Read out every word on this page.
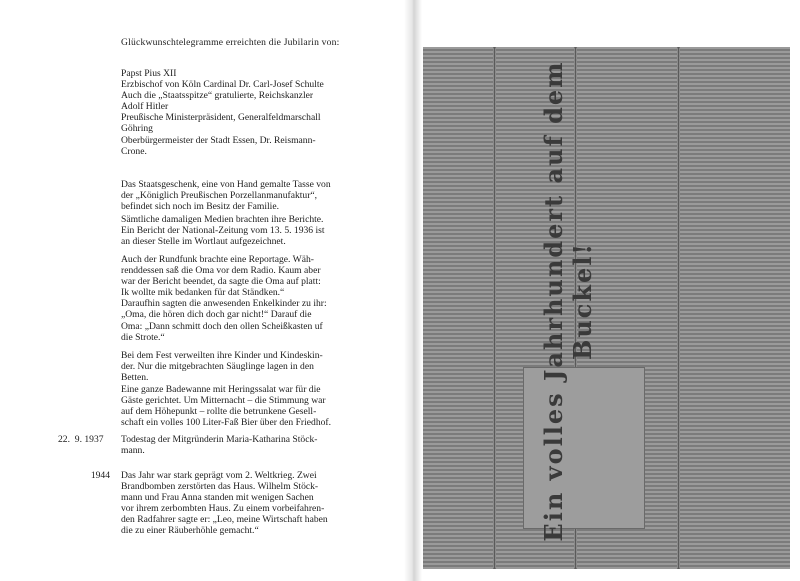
Glückwunschtelegramme erreichten die Jubilarin von:

Papst Pius XII
Erzbischof von Köln Cardinal Dr. Carl-Josef Schulte
Auch die „Staatsspitze“ gratulierte, Reichskanzler
Adolf Hitler
Preußische Ministerpräsident, Generalfeldmarschall
Göhring
Oberbürgermeister der Stadt Essen, Dr. Reismann-
Crone.
Das Staatsgeschenk, eine von Hand gemalte Tasse von
der „Königlich Preußischen Porzellanmanufaktur“,
befindet sich noch im Besitz der Familie.
Sämtliche damaligen Medien brachten ihre Berichte.
Ein Bericht der National-Zeitung vom 13. 5. 1936 ist
an dieser Stelle im Wortlaut aufgezeichnet.
Auch der Rundfunk brachte eine Reportage. Wäh-
renddessen saß die Oma vor dem Radio. Kaum aber
war der Bericht beendet, da sagte die Oma auf platt:
Ik wollte mik bedanken für dat Ständken.“
Daraufhin sagten die anwesenden Enkelkinder zu ihr:
„Oma, die hören dich doch gar nicht!“ Darauf die
Oma: „Dann schmitt doch den ollen Scheißkasten uf
die Strote.“
Bei dem Fest verweilten ihre Kinder und Kindeskin-
der. Nur die mitgebrachten Säuglinge lagen in den
Betten.
Eine ganze Badewanne mit Heringssalat war für die
Gäste gerichtet. Um Mitternacht – die Stimmung war
auf dem Höhepunkt – rollte die betrunkene Gesell-
schaft ein volles 100 Liter-Faß Bier über den Friedhof.
22.  9. 1937	Todestag der Mitgründerin Maria-Katharina Stöck-
mann.
1944 Das Jahr war stark geprägt vom 2. Weltkrieg. Zwei
Brandbomben zerstörten das Haus. Wilhelm Stöck-
mann und Frau Anna standen mit wenigen Sachen
vor ihrem zerbombten Haus. Zu einem vorbeifahren-
den Radfahrer sagte er: „Leo, meine Wirtschaft haben
die zu einer Räuberhöhle gemacht.“	Ein volles Jahrhundert auf dem Buckel!
